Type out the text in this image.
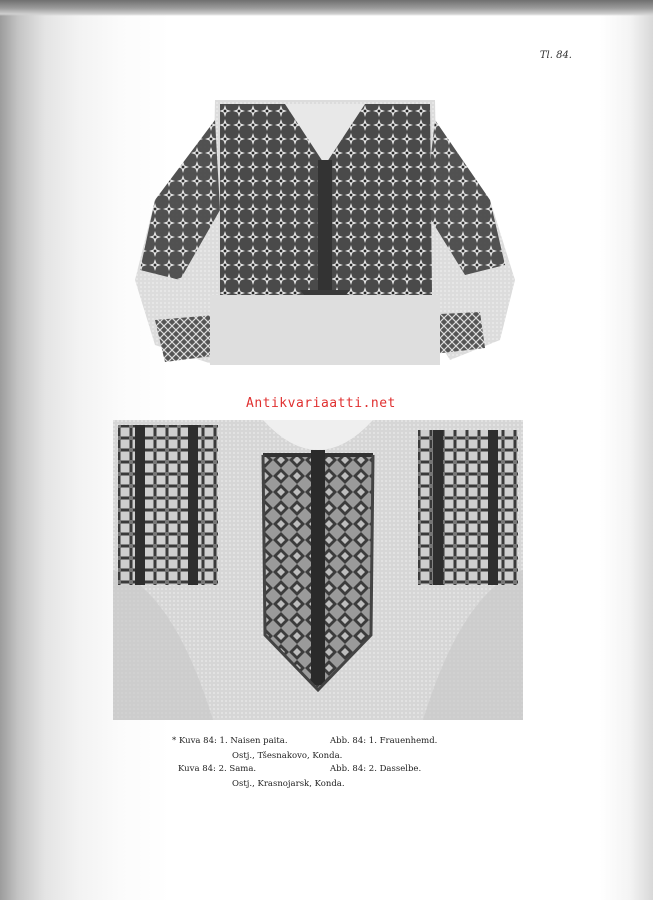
Tl. 84.
Antikvariaatti.net
* Kuva 84: 1. Naisen paita.	Abb. 84: 1. Frauenhemd.
Ostj., Tšesnakovo, Konda.
Kuva 84: 2. Sama.	Abb. 84: 2. Dasselbe.
Ostj., Krasnojarsk, Konda.
